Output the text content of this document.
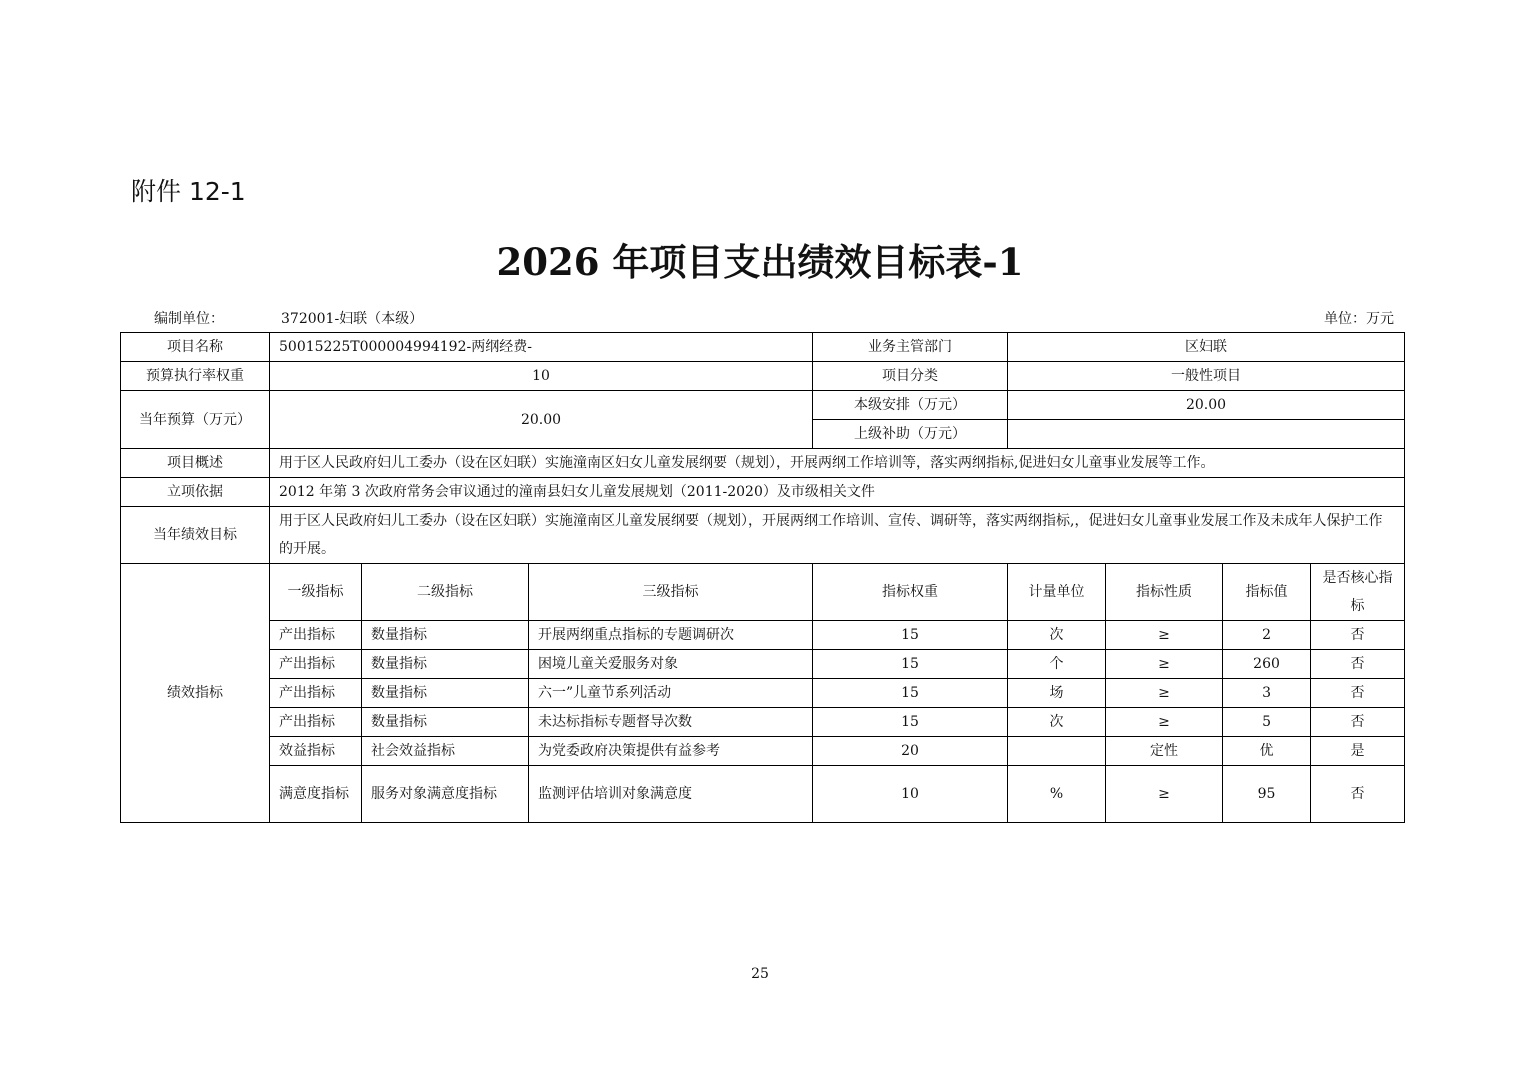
附件 12-1
2026 年项目支出绩效目标表-1
编制单位：	372001-妇联（本级）	单位：万元
项目名称	50015225T000004994192-两纲经费-			业务主管部门	区妇联			
预算执行率权重	10			项目分类	一般性项目			
当年预算（万元）	20.00			本级安排（万元）	20.00			
				上级补助（万元）				
项目概述	用于区人民政府妇儿工委办（设在区妇联）实施潼南区妇女儿童发展纲要（规划），开展两纲工作培训等，落实两纲指标,促进妇女儿童事业发展等工作。							
立项依据	2012 年第 3 次政府常务会审议通过的潼南县妇女儿童发展规划（2011-2020）及市级相关文件							
当年绩效目标	用于区人民政府妇儿工委办（设在区妇联）实施潼南区儿童发展纲要（规划），开展两纲工作培训、宣传、调研等，落实两纲指标,，促进妇女儿童事业发展工作及未成年人保护工作的开展。							
绩效指标	一级指标	二级指标	三级指标	指标权重	计量单位	指标性质	指标值	是否核心指标
	产出指标	数量指标	开展两纲重点指标的专题调研次	15	次	≥	2	否
	产出指标	数量指标	困境儿童关爱服务对象	15	个	≥	260	否
	产出指标	数量指标	六一”儿童节系列活动	15	场	≥	3	否
	产出指标	数量指标	未达标指标专题督导次数	15	次	≥	5	否
	效益指标	社会效益指标	为党委政府决策提供有益参考	20		定性	优	是
	满意度指标	服务对象满意度指标	监测评估培训对象满意度	10	%	≥	95	否
25
